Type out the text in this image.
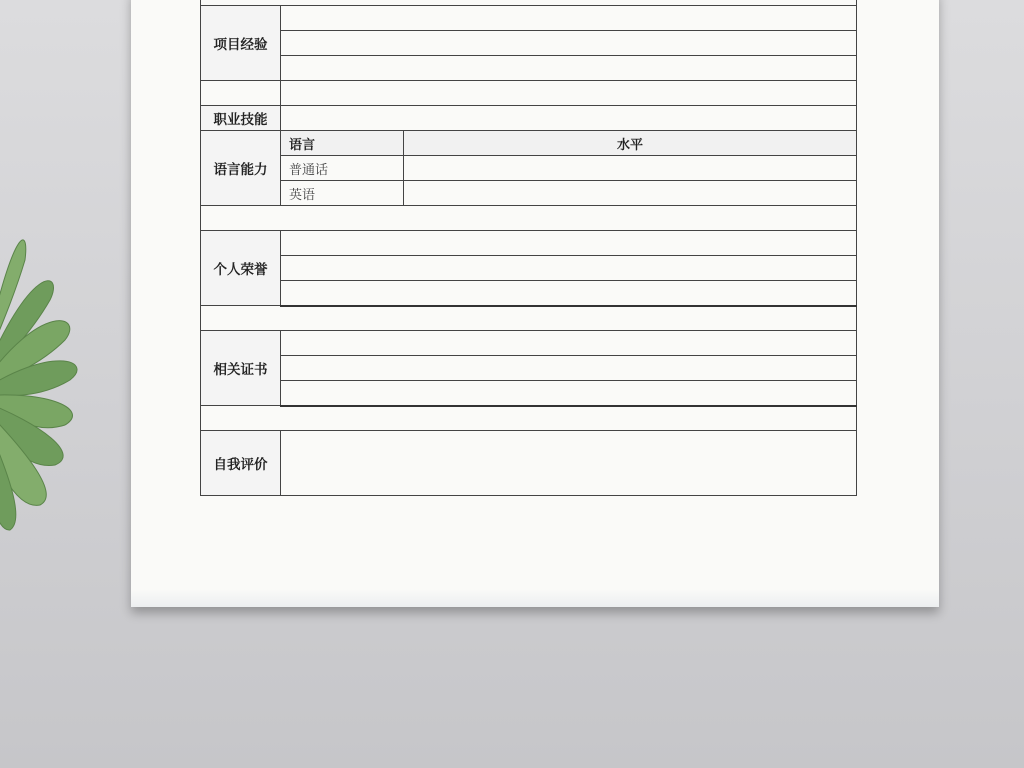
项目经验		

职业技能		
语言能力	语言	水平
	普通话	
	英语	

个人荣誉		

相关证书		

自我评价		
